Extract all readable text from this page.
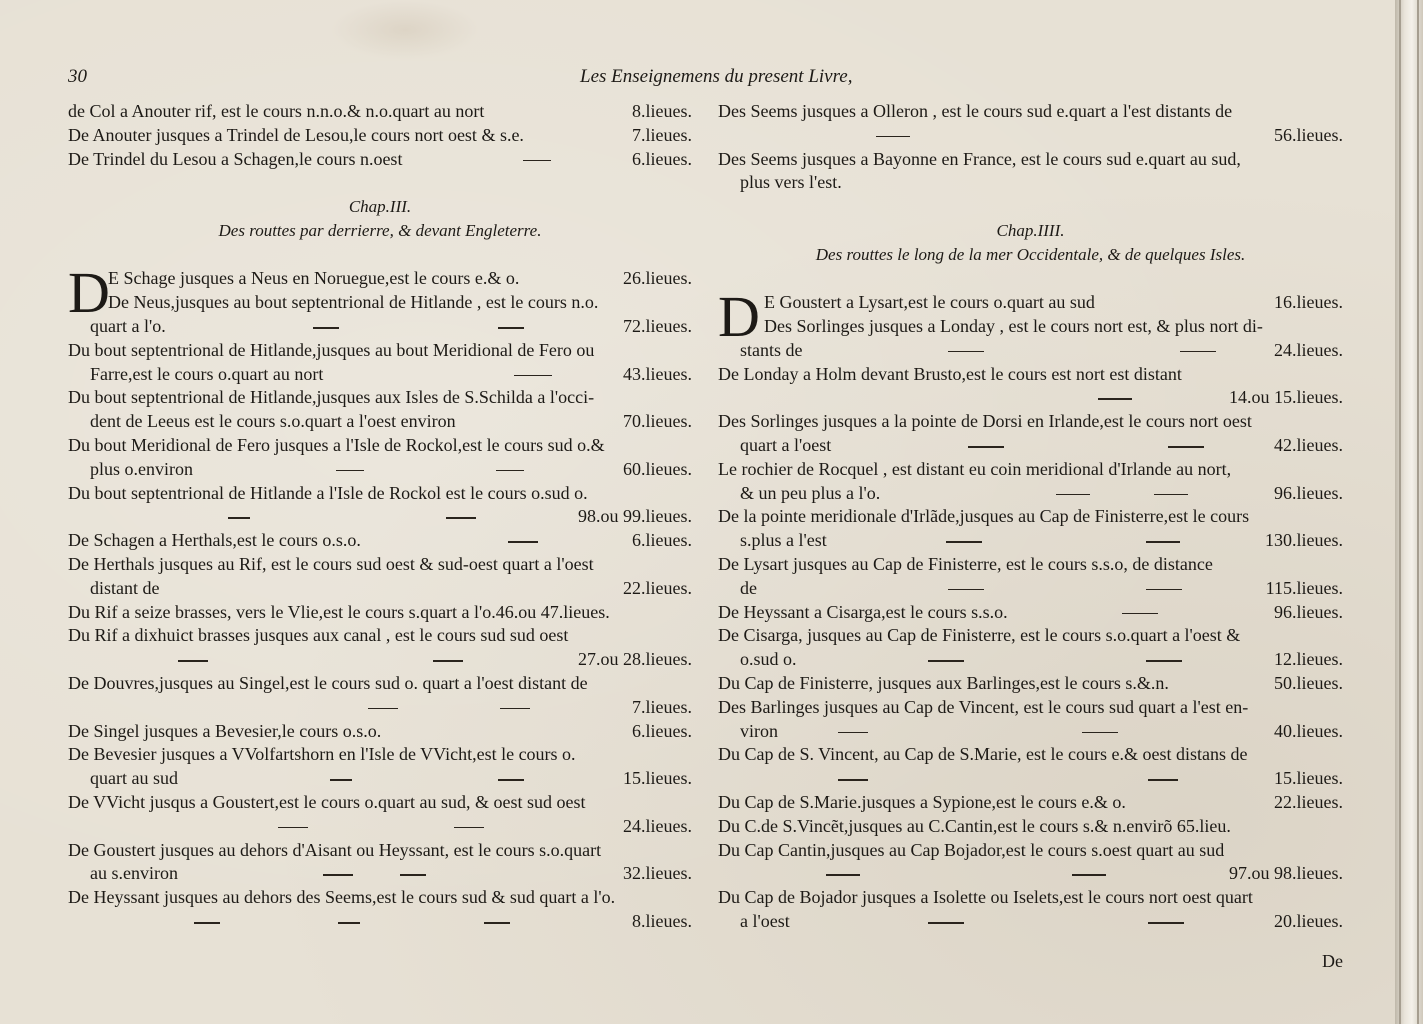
30	Les Enseignemens du present Livre,
de Col a Anouter rif, est le cours n.n.o.& n.o.quart au nort	8.lieues.
De Anouter jusques a Trindel de Lesou,le cours nort oest & s.e.	7.lieues.
De Trindel du Lesou a Schagen,le cours n.oest	6.lieues.
Chap.III.
Des routtes par derrierre, & devant Engleterre.
D
E Schage jusques a Neus en Noruegue,est le cours e.& o.	26.lieues.
De Neus,jusques au bout septentrional de Hitlande , est le cours n.o.
quart a l'o.	72.lieues.
Du bout septentrional de Hitlande,jusques au bout Meridional de Fero ou
Farre,est le cours o.quart au nort	43.lieues.
Du bout septentrional de Hitlande,jusques aux Isles de S.Schilda a l'occi-
dent de Leeus est le cours s.o.quart a l'oest environ	70.lieues.
Du bout Meridional de Fero jusques a l'Isle de Rockol,est le cours sud o.&
plus o.environ	60.lieues.
Du bout septentrional de Hitlande a l'Isle de Rockol est le cours o.sud o.
98.ou 99.lieues.
De Schagen a Herthals,est le cours o.s.o.	6.lieues.
De Herthals jusques au Rif, est le cours sud oest & sud-oest quart a l'oest
distant de	22.lieues.
Du Rif a seize brasses, vers le Vlie,est le cours s.quart a l'o.46.ou 47.lieues.
Du Rif a dixhuict brasses jusques aux canal , est le cours sud sud oest
27.ou 28.lieues.
De Douvres,jusques au Singel,est le cours sud o. quart a l'oest distant de
7.lieues.
De Singel jusques a Bevesier,le cours o.s.o.	6.lieues.
De Bevesier jusques a VVolfartshorn en l'Isle de VVicht,est le cours o.
quart au sud	15.lieues.
De VVicht jusqus a Goustert,est le cours o.quart au sud, & oest sud oest
24.lieues.
De Goustert jusques au dehors d'Aisant ou Heyssant, est le cours s.o.quart
au s.environ	32.lieues.
De Heyssant jusques au dehors des Seems,est le cours sud & sud quart a l'o.
8.lieues.
Des Seems jusques a Olleron , est le cours sud e.quart a l'est distants de
56.lieues.
Des Seems jusques a Bayonne en France, est le cours sud e.quart au sud,
plus vers l'est.
Chap.IIII.
Des routtes le long de la mer Occidentale, & de quelques Isles.
D E Goustert a Lysart,est le cours o.quart au sud	16.lieues.
Des Sorlinges jusques a Londay , est le cours nort est, & plus nort di-
stants de	24.lieues.
De Londay a Holm devant Brusto,est le cours est nort est distant
14.ou 15.lieues.
Des Sorlinges jusques a la pointe de Dorsi en Irlande,est le cours nort oest
quart a l'oest	42.lieues.
Le rochier de Rocquel , est distant eu coin meridional d'Irlande au nort,
& un peu plus a l'o.	96.lieues.
De la pointe meridionale d'Irlãde,jusques au Cap de Finisterre,est le cours
s.plus a l'est	130.lieues.
De Lysart jusques au Cap de Finisterre, est le cours s.s.o, de distance
de	115.lieues.
De Heyssant a Cisarga,est le cours s.s.o.	96.lieues.
De Cisarga, jusques au Cap de Finisterre, est le cours s.o.quart a l'oest &
o.sud o.	12.lieues.
Du Cap de Finisterre, jusques aux Barlinges,est le cours s.&.n.	50.lieues.
Des Barlinges jusques au Cap de Vincent, est le cours sud quart a l'est en-
viron	40.lieues.
Du Cap de S. Vincent, au Cap de S.Marie, est le cours e.& oest distans de
15.lieues.
Du Cap de S.Marie.jusques a Sypione,est le cours e.& o.	22.lieues.
Du C.de S.Vincẽt,jusques au C.Cantin,est le cours s.& n.envirõ 65.lieu.
Du Cap Cantin,jusques au Cap Bojador,est le cours s.oest quart au sud
97.ou 98.lieues.
Du Cap de Bojador jusques a Isolette ou Iselets,est le cours nort oest quart
a l'oest	20.lieues.
De
